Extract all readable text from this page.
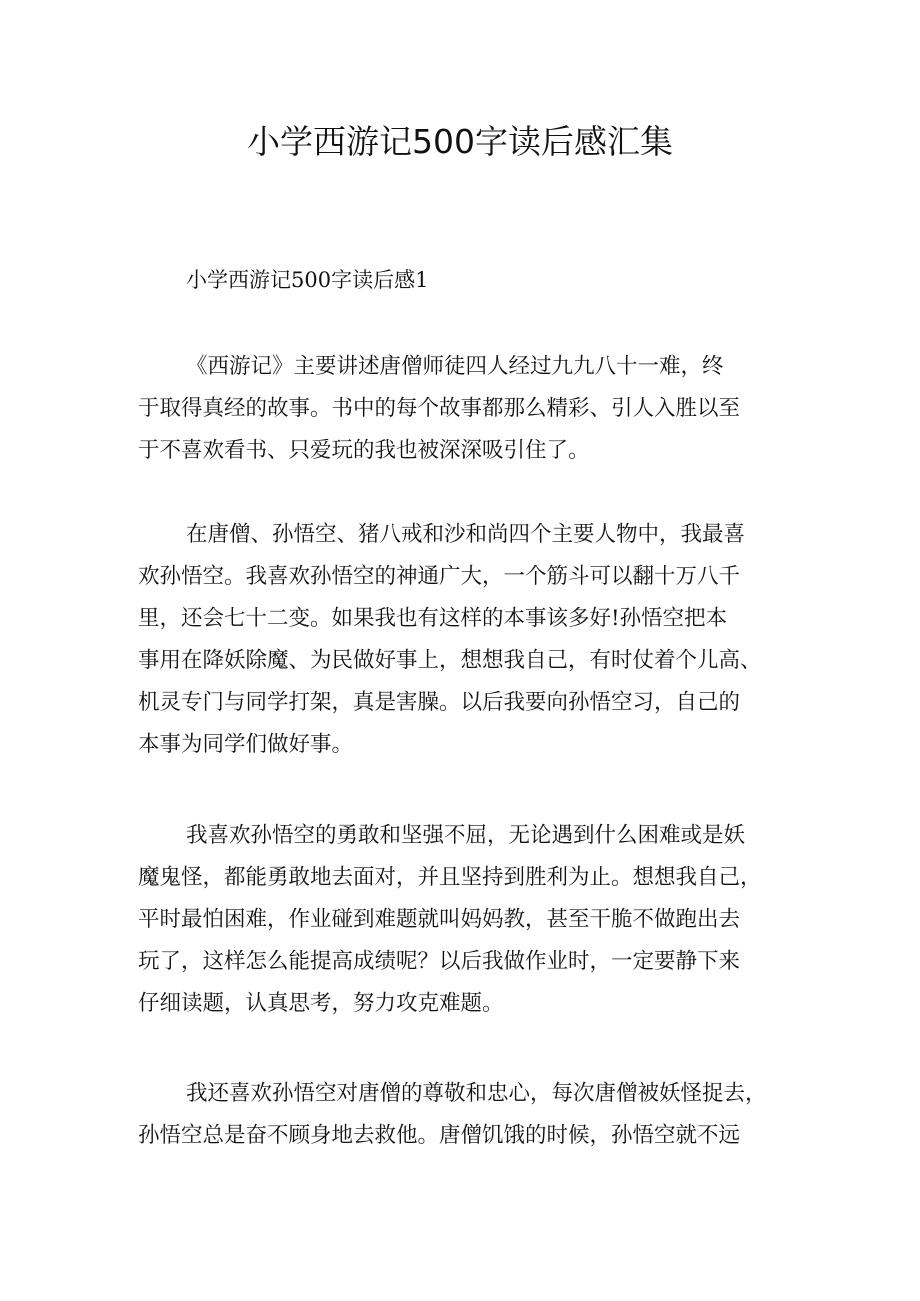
小学西游记500字读后感汇集
小学西游记500字读后感1
《西游记》主要讲述唐僧师徒四人经过九九八十一难，终
于取得真经的故事。书中的每个故事都那么精彩、引人入胜以至
于不喜欢看书、只爱玩的我也被深深吸引住了。
在唐僧、孙悟空、猪八戒和沙和尚四个主要人物中，我最喜
欢孙悟空。我喜欢孙悟空的神通广大，一个筋斗可以翻十万八千
里，还会七十二变。如果我也有这样的本事该多好!孙悟空把本
事用在降妖除魔、为民做好事上，想想我自己，有时仗着个儿高、
机灵专门与同学打架，真是害臊。以后我要向孙悟空习，自己的
本事为同学们做好事。
我喜欢孙悟空的勇敢和坚强不屈，无论遇到什么困难或是妖
魔鬼怪，都能勇敢地去面对，并且坚持到胜利为止。想想我自己，
平时最怕困难，作业碰到难题就叫妈妈教，甚至干脆不做跑出去
玩了，这样怎么能提高成绩呢？以后我做作业时，一定要静下来
仔细读题，认真思考，努力攻克难题。
我还喜欢孙悟空对唐僧的尊敬和忠心，每次唐僧被妖怪捉去，
孙悟空总是奋不顾身地去救他。唐僧饥饿的时候，孙悟空就不远
